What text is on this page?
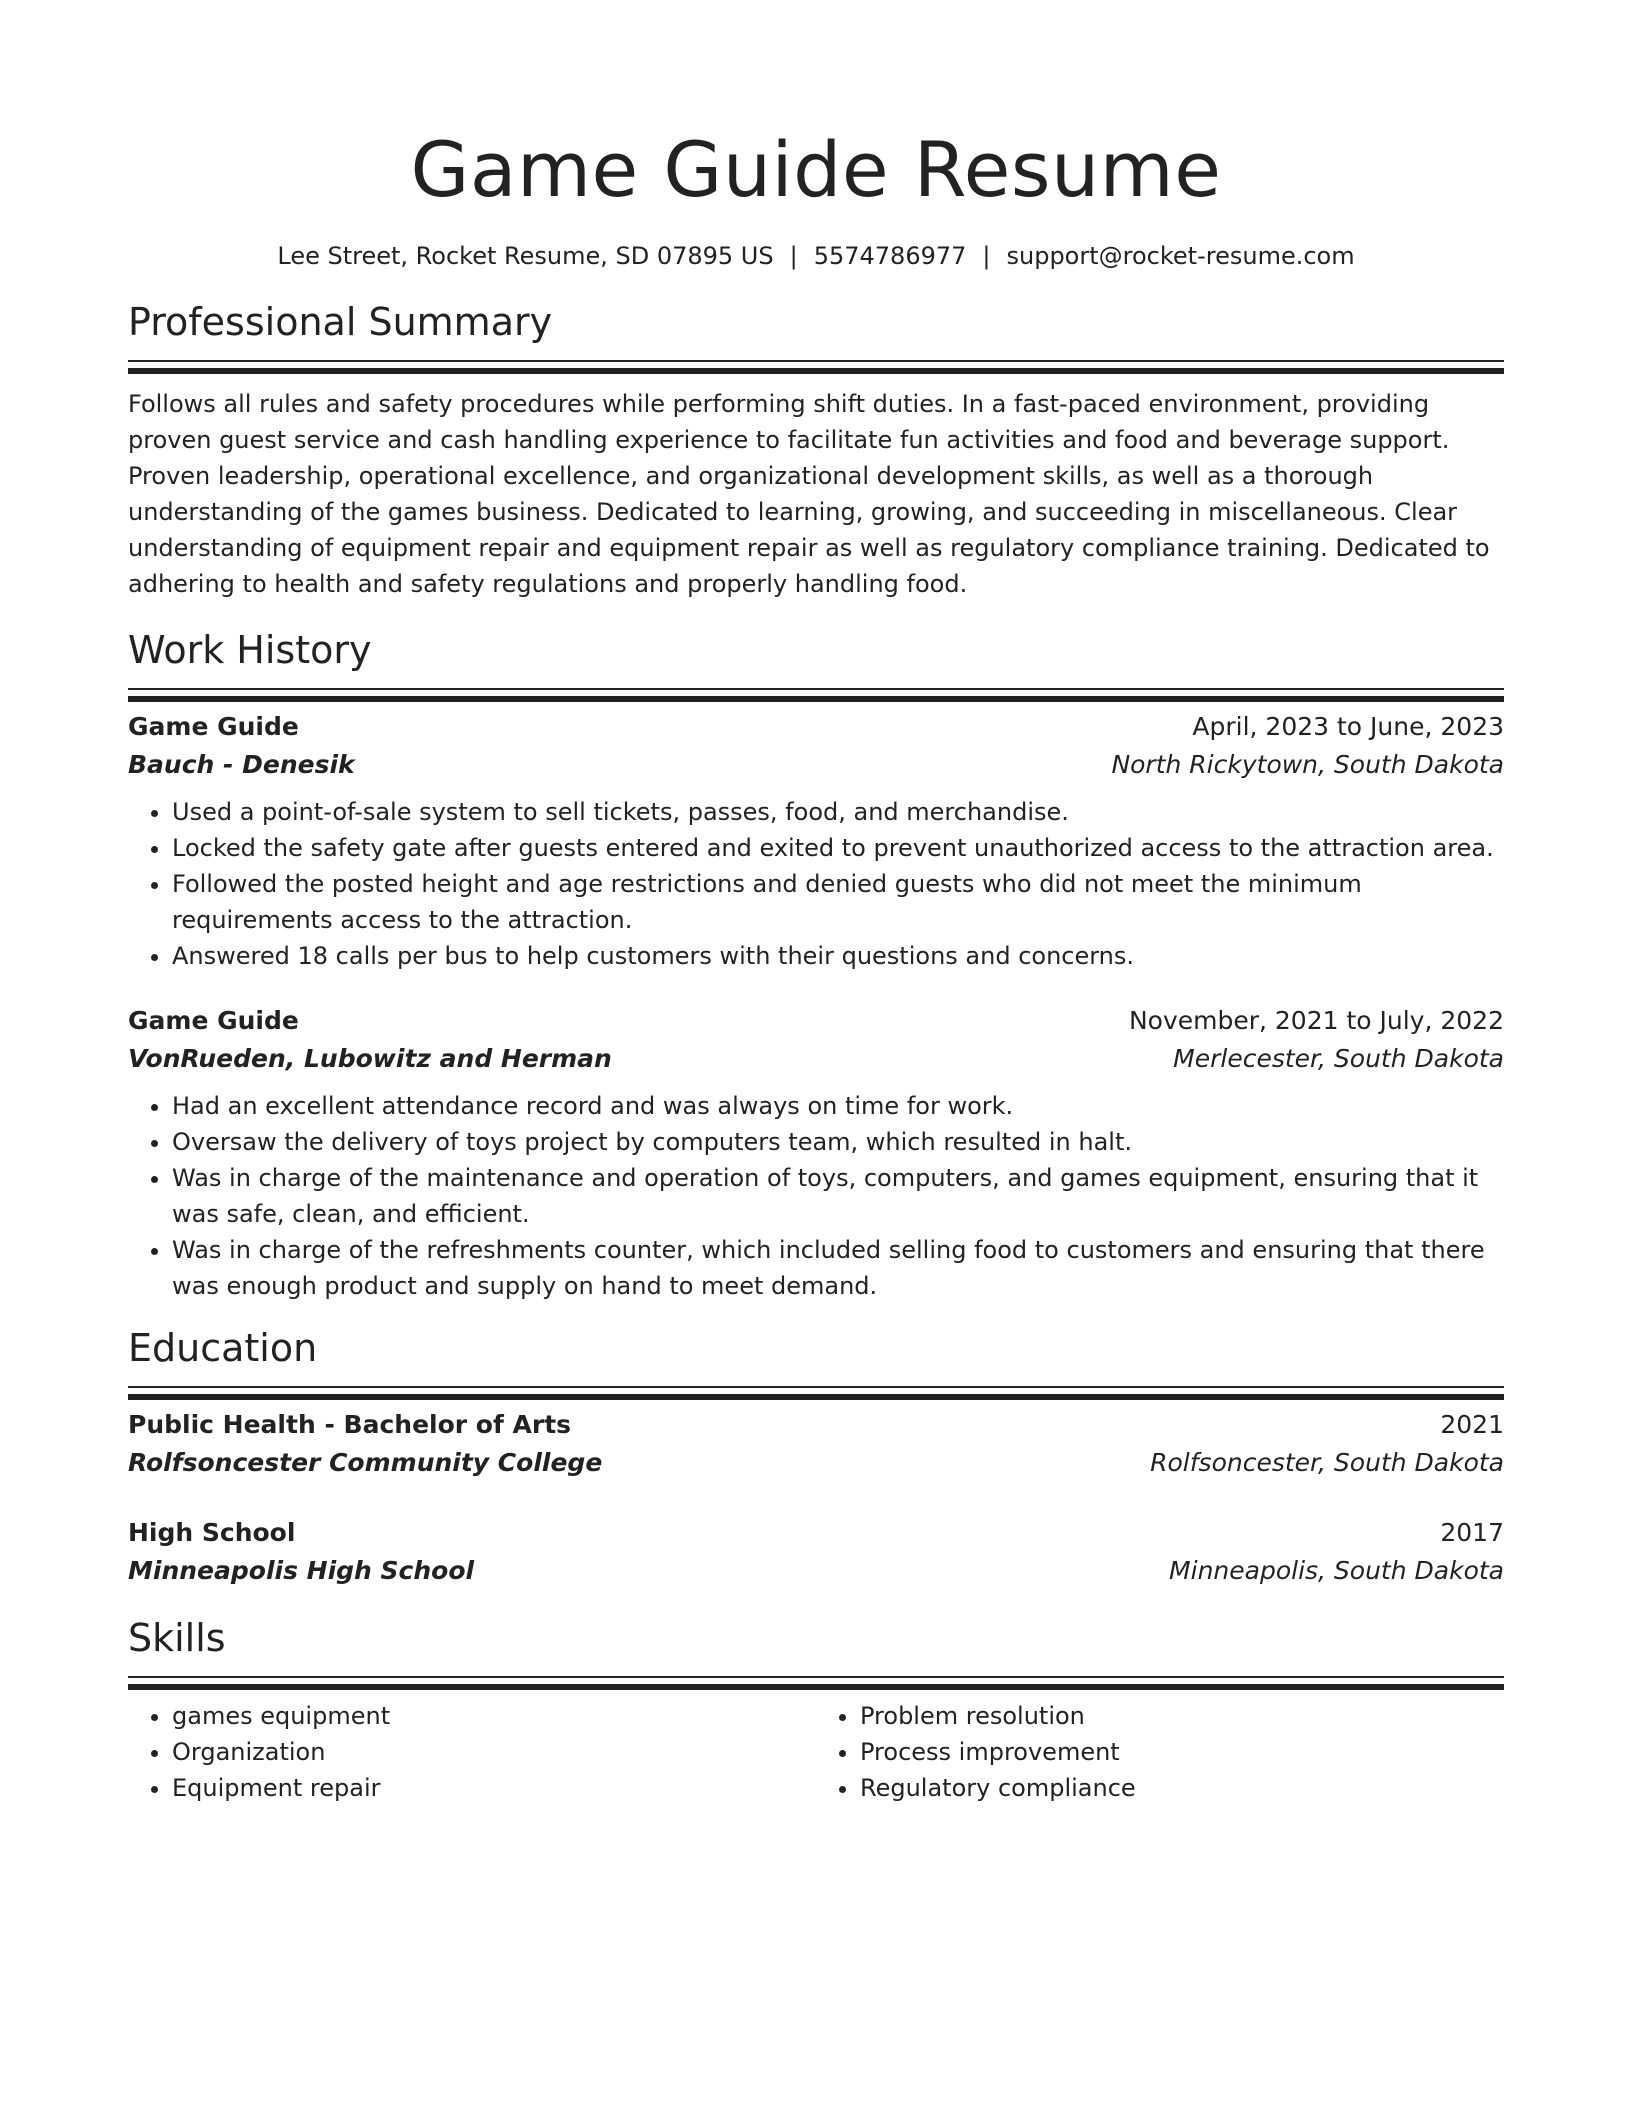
Game Guide Resume
Lee Street, Rocket Resume, SD 07895 US | 5574786977 | support@rocket-resume.com
Professional Summary
Follows all rules and safety procedures while performing shift duties. In a fast-paced environment, providing proven guest service and cash handling experience to facilitate fun activities and food and beverage support. Proven leadership, operational excellence, and organizational development skills, as well as a thorough understanding of the games business. Dedicated to learning, growing, and succeeding in miscellaneous. Clear understanding of equipment repair and equipment repair as well as regulatory compliance training. Dedicated to adhering to health and safety regulations and properly handling food.
Work History
Game Guide	April, 2023 to June, 2023
Bauch - Denesik	North Rickytown, South Dakota
• Used a point-of-sale system to sell tickets, passes, food, and merchandise.
• Locked the safety gate after guests entered and exited to prevent unauthorized access to the attraction area.
• Followed the posted height and age restrictions and denied guests who did not meet the minimum requirements access to the attraction.
• Answered 18 calls per bus to help customers with their questions and concerns.
Game Guide	November, 2021 to July, 2022
VonRueden, Lubowitz and Herman	Merlecester, South Dakota
• Had an excellent attendance record and was always on time for work.
• Oversaw the delivery of toys project by computers team, which resulted in halt.
• Was in charge of the maintenance and operation of toys, computers, and games equipment, ensuring that it was safe, clean, and efficient.
• Was in charge of the refreshments counter, which included selling food to customers and ensuring that there was enough product and supply on hand to meet demand.
Education
Public Health - Bachelor of Arts	2021
Rolfsoncester Community College	Rolfsoncester, South Dakota
High School	2017
Minneapolis High School	Minneapolis, South Dakota
Skills
• games equipment
• Organization
• Equipment repair
• Problem resolution
• Process improvement
• Regulatory compliance
